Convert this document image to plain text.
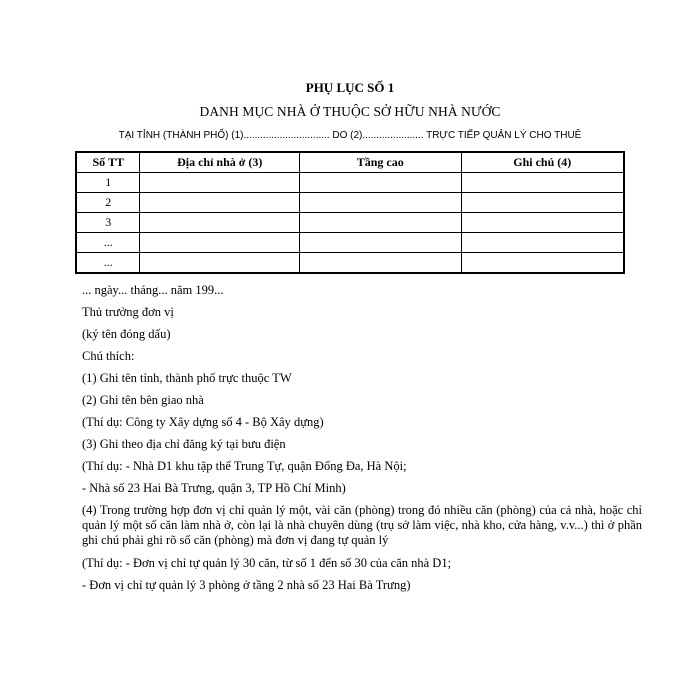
PHỤ LỤC SỐ 1
DANH MỤC NHÀ Ở THUỘC SỞ HỮU NHÀ NƯỚC
TẠI TỈNH (THÀNH PHỐ) (1)............................... DO (2)...................... TRỰC TIẾP QUẢN LÝ CHO THUÊ
Số TT	Địa chỉ nhà ở (3)	Tầng cao	Ghi chú (4)
1			
2			
3			
...			
...			

... ngày... tháng... năm 199...

Thủ trưởng đơn vị

(ký tên đóng dấu)

Chú thích:

(1) Ghi tên tỉnh, thành phố trực thuộc TW

(2) Ghi tên bên giao nhà

(Thí dụ: Công ty Xây dựng số 4 - Bộ Xây dựng)

(3) Ghi theo địa chỉ đăng ký tại bưu điện

(Thí dụ: - Nhà D1 khu tập thể Trung Tự, quận Đống Đa, Hà Nội;

- Nhà số 23 Hai Bà Trưng, quận 3, TP Hồ Chí Minh)

(4) Trong trường hợp đơn vị chỉ quản lý một, vài căn (phòng) trong đó nhiều căn (phòng) của cả nhà, hoặc chỉ quản lý một số căn làm nhà ở, còn lại là nhà chuyên dùng (trụ sở làm việc, nhà kho, cửa hàng, v.v...) thì ở phần ghi chú phải ghi rõ số căn (phòng) mà đơn vị đang tự quản lý

(Thí dụ: - Đơn vị chỉ tự quản lý 30 căn, từ số 1 đến số 30 của căn nhà D1;

- Đơn vị chỉ tự quản lý 3 phòng ở tầng 2 nhà số 23 Hai Bà Trưng)
